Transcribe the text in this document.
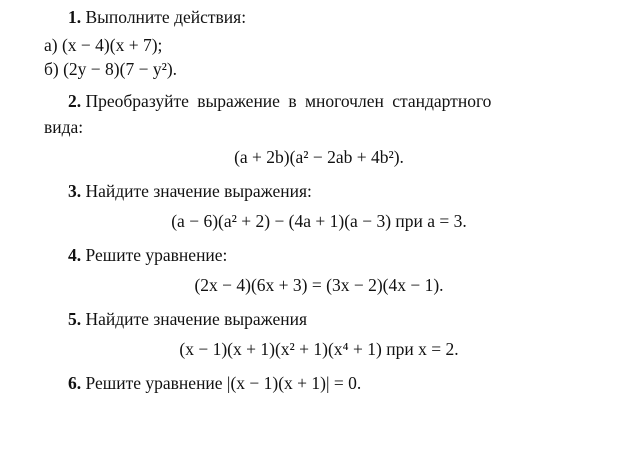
1. Выполните действия:
а) (x − 4)(x + 7);
б) (2y − 8)(7 − y²).
2. Преобразуйте выражение в многочлен стандартного
вида:
(a + 2b)(a² − 2ab + 4b²).
3. Найдите значение выражения:
(a − 6)(a² + 2) − (4a + 1)(a − 3) при a = 3.
4. Решите уравнение:
(2x − 4)(6x + 3) = (3x − 2)(4x − 1).
5. Найдите значение выражения
(x − 1)(x + 1)(x² + 1)(x⁴ + 1) при x = 2.
6. Решите уравнение |(x − 1)(x + 1)| = 0.
